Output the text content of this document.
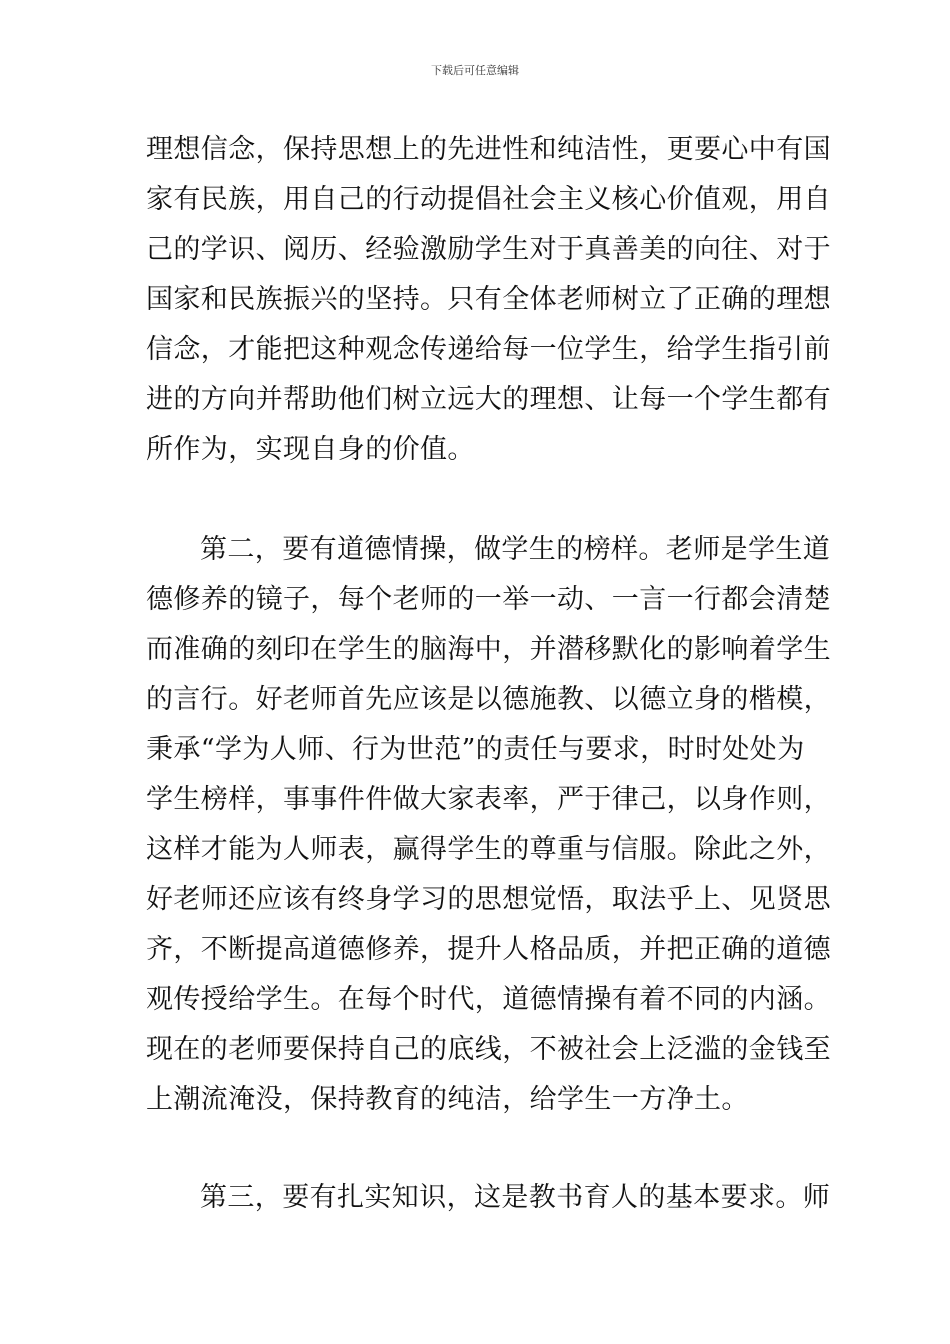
下载后可任意编辑
理想信念，保持思想上的先进性和纯洁性，更要心中有国
家有民族，用自己的行动提倡社会主义核心价值观，用自
己的学识、阅历、经验激励学生对于真善美的向往、对于
国家和民族振兴的坚持。只有全体老师树立了正确的理想
信念，才能把这种观念传递给每一位学生，给学生指引前
进的方向并帮助他们树立远大的理想、让每一个学生都有
所作为，实现自身的价值。
第二，要有道德情操，做学生的榜样。老师是学生道
德修养的镜子，每个老师的一举一动、一言一行都会清楚
而准确的刻印在学生的脑海中，并潜移默化的影响着学生
的言行。好老师首先应该是以德施教、以德立身的楷模，
秉承“学为人师、行为世范”的责任与要求，时时处处为
学生榜样，事事件件做大家表率，严于律己，以身作则，
这样才能为人师表，赢得学生的尊重与信服。除此之外，
好老师还应该有终身学习的思想觉悟，取法乎上、见贤思
齐，不断提高道德修养，提升人格品质，并把正确的道德
观传授给学生。在每个时代，道德情操有着不同的内涵。
现在的老师要保持自己的底线，不被社会上泛滥的金钱至
上潮流淹没，保持教育的纯洁，给学生一方净土。
第三，要有扎实知识，这是教书育人的基本要求。师
